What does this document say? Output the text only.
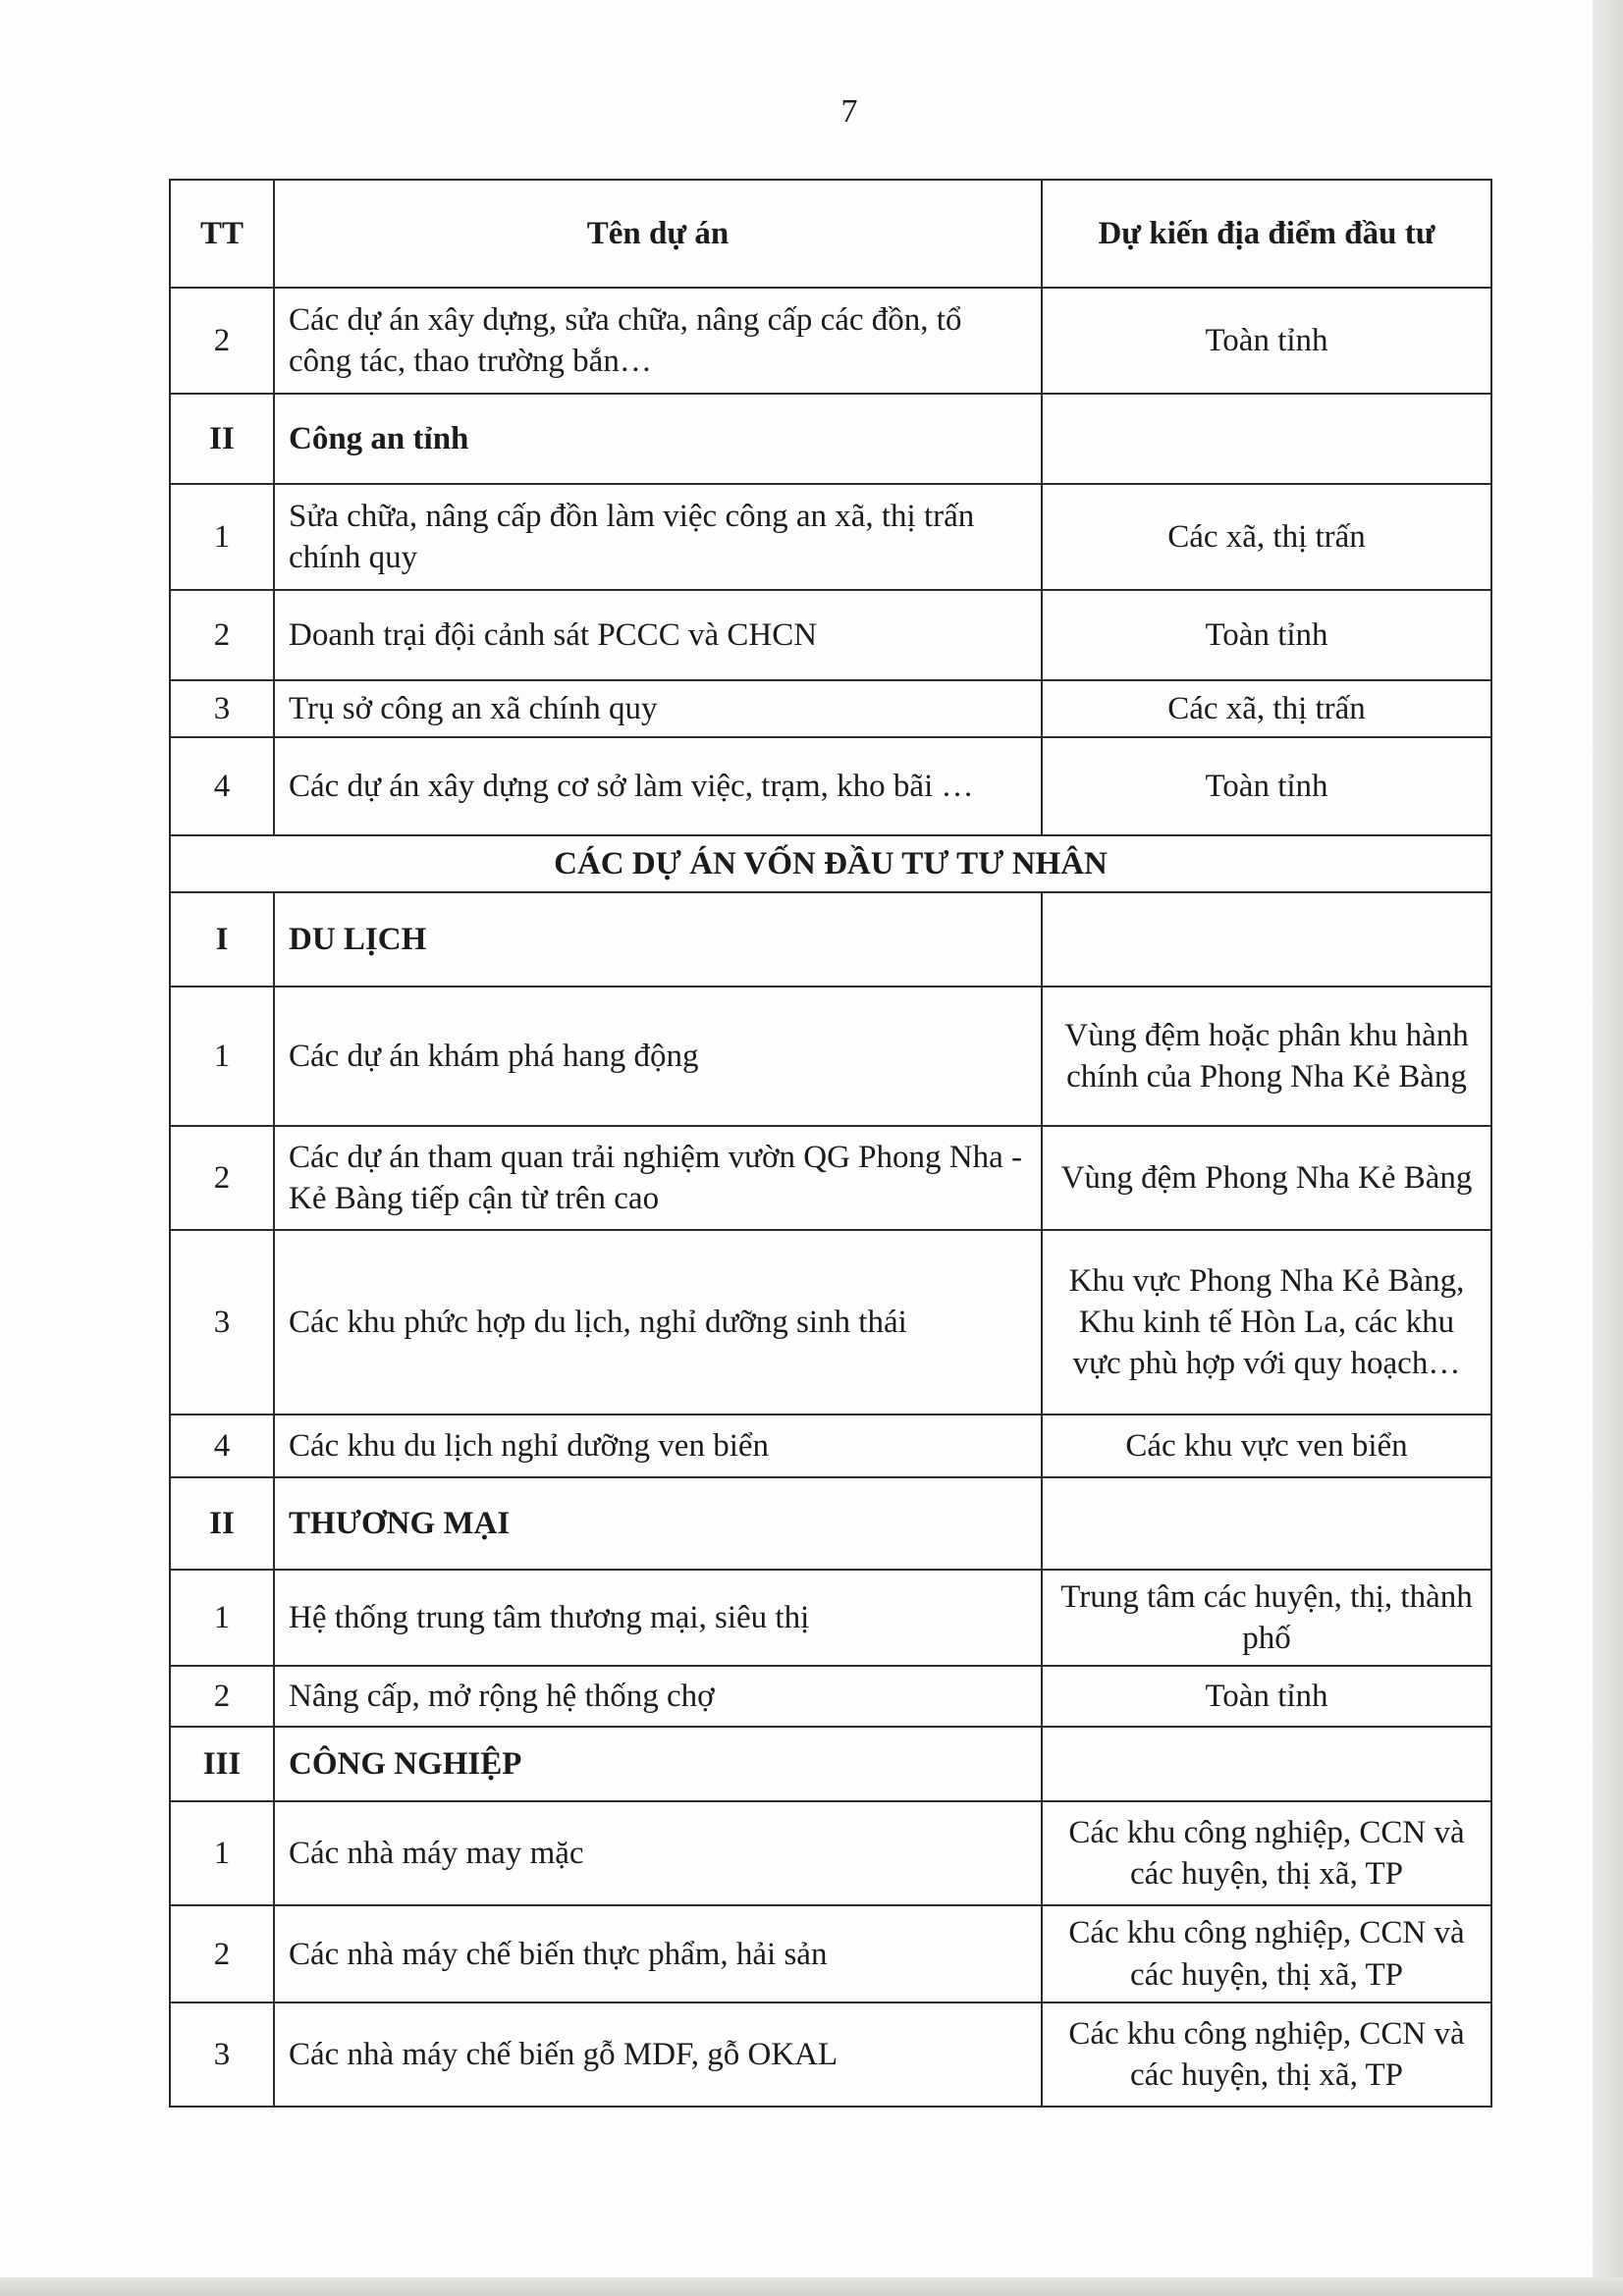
7
TT	Tên dự án	Dự kiến địa điểm đầu tư
2	Các dự án xây dựng, sửa chữa, nâng cấp các đồn, tổ công tác, thao trường bắn…	Toàn tỉnh
II	Công an tỉnh	
1	Sửa chữa, nâng cấp đồn làm việc công an xã, thị trấn chính quy	Các xã, thị trấn
2	Doanh trại đội cảnh sát PCCC và CHCN	Toàn tỉnh
3	Trụ sở công an xã chính quy	Các xã, thị trấn
4	Các dự án xây dựng cơ sở làm việc, trạm, kho bãi …	Toàn tỉnh
CÁC DỰ ÁN VỐN ĐẦU TƯ TƯ NHÂN		
I	DU LỊCH	
1	Các dự án khám phá hang động	Vùng đệm hoặc phân khu hành chính của Phong Nha Kẻ Bàng
2	Các dự án tham quan trải nghiệm vườn QG Phong Nha - Kẻ Bàng tiếp cận từ trên cao	Vùng đệm Phong Nha Kẻ Bàng
3	Các khu phức hợp du lịch, nghỉ dưỡng sinh thái	Khu vực Phong Nha Kẻ Bàng, Khu kinh tế Hòn La, các khu vực phù hợp với quy hoạch…
4	Các khu du lịch nghỉ dưỡng ven biển	Các khu vực ven biển
II	THƯƠNG MẠI	
1	Hệ thống trung tâm thương mại, siêu thị	Trung tâm các huyện, thị, thành phố
2	Nâng cấp, mở rộng hệ thống chợ	Toàn tỉnh
III	CÔNG NGHIỆP	
1	Các nhà máy may mặc	Các khu công nghiệp, CCN và các huyện, thị xã, TP
2	Các nhà máy chế biến thực phẩm, hải sản	Các khu công nghiệp, CCN và các huyện, thị xã, TP
3	Các nhà máy chế biến gỗ MDF, gỗ OKAL	Các khu công nghiệp, CCN và các huyện, thị xã, TP
